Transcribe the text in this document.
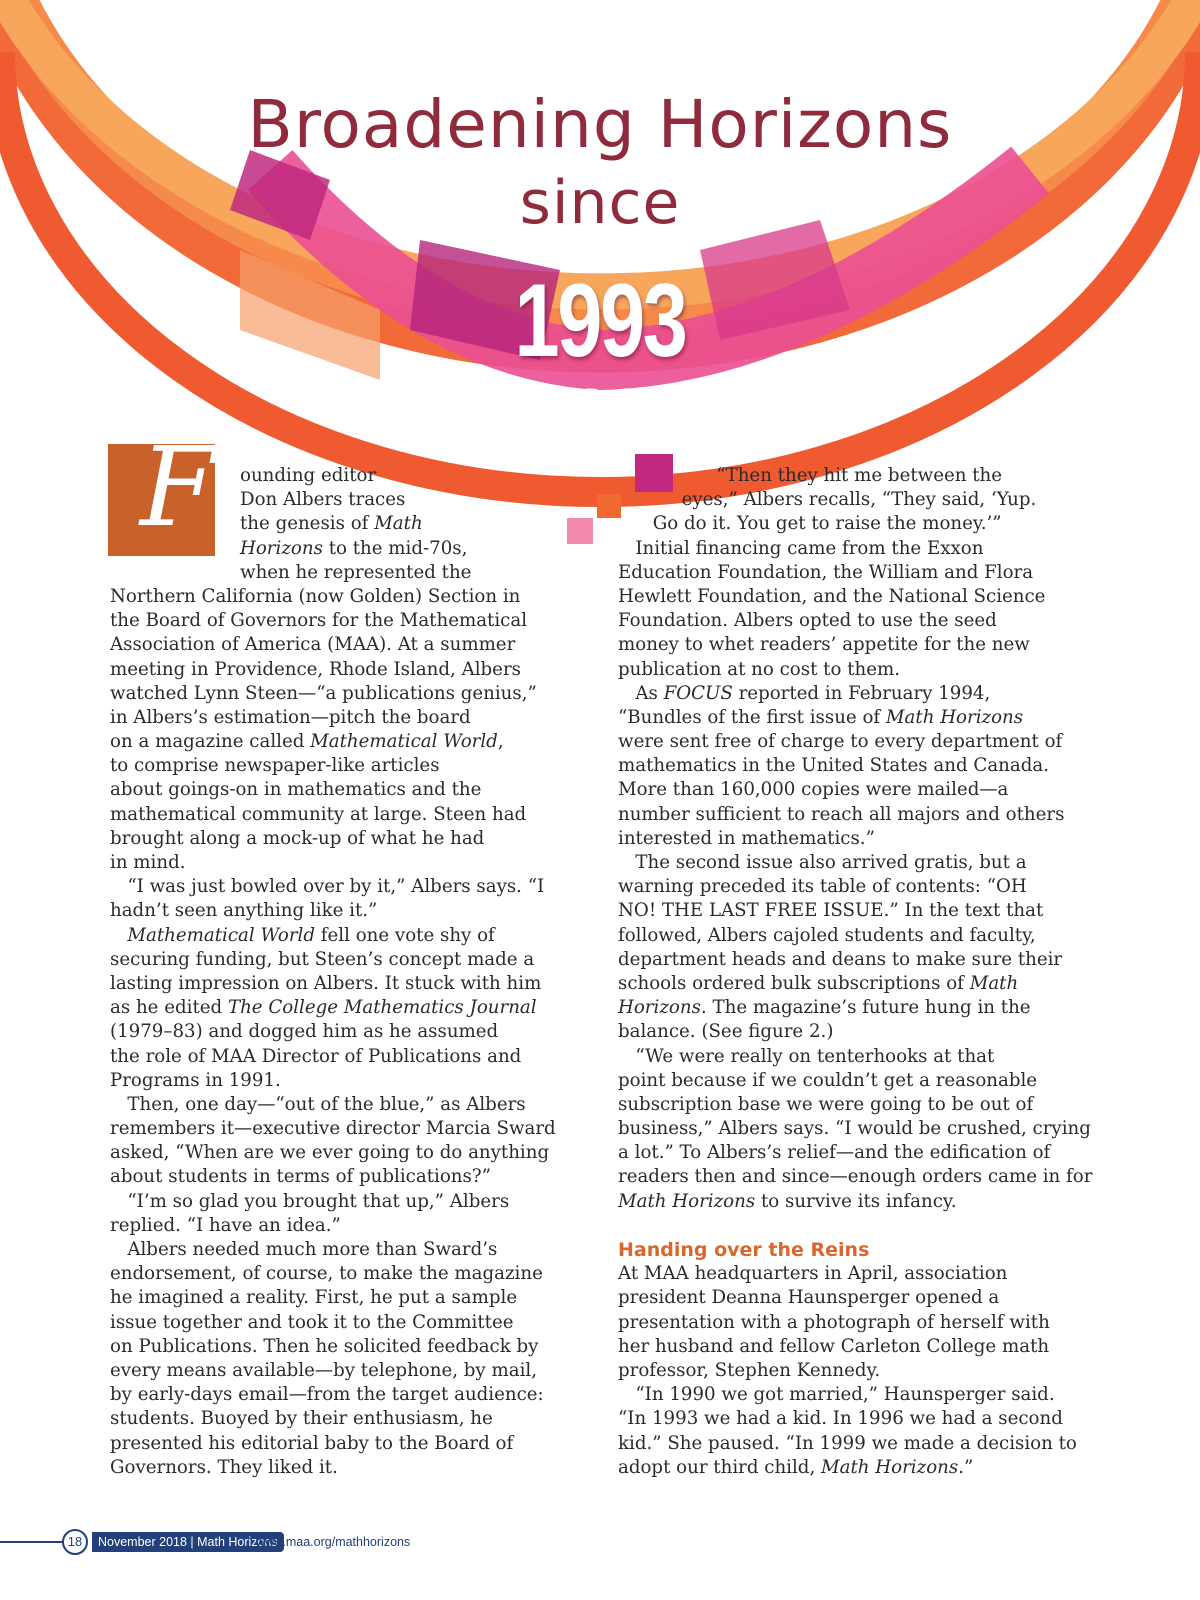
Broadening Horizons
since
1993
Sophia D. Merow
F	ounding editor
Don Albers traces
the genesis of Math
Horizons to the mid-70s,
when he represented the
Northern California (now Golden) Section in
the Board of Governors for the Mathematical
Association of America (MAA). At a summer
meeting in Providence, Rhode Island, Albers
watched Lynn Steen—“a publications genius,”
in Albers’s estimation—pitch the board
on a magazine called Mathematical World,
to comprise newspaper-like articles
about goings-on in mathematics and the
mathematical community at large. Steen had
brought along a mock-up of what he had
in mind.
“I was just bowled over by it,” Albers says. “I
hadn’t seen anything like it.”
Mathematical World fell one vote shy of
securing funding, but Steen’s concept made a
lasting impression on Albers. It stuck with him
as he edited The College Mathematics Journal
(1979–83) and dogged him as he assumed
the role of MAA Director of Publications and
Programs in 1991.
Then, one day—“out of the blue,” as Albers
remembers it—executive director Marcia Sward
asked, “When are we ever going to do anything
about students in terms of publications?”
“I’m so glad you brought that up,” Albers
replied. “I have an idea.”
Albers needed much more than Sward’s
endorsement, of course, to make the magazine
he imagined a reality. First, he put a sample
issue together and took it to the Committee
on Publications. Then he solicited feedback by
every means available—by telephone, by mail,
by early-days email—from the target audience:
students. Buoyed by their enthusiasm, he
presented his editorial baby to the Board of
Governors. They liked it.
“Then they hit me between the
eyes,” Albers recalls, “They said, ‘Yup.
Go do it. You get to raise the money.’”
Initial financing came from the Exxon
Education Foundation, the William and Flora
Hewlett Foundation, and the National Science
Foundation. Albers opted to use the seed
money to whet readers’ appetite for the new
publication at no cost to them.
As FOCUS reported in February 1994,
“Bundles of the first issue of Math Horizons
were sent free of charge to every department of
mathematics in the United States and Canada.
More than 160,000 copies were mailed—a
number sufficient to reach all majors and others
interested in mathematics.”
The second issue also arrived gratis, but a
warning preceded its table of contents: “OH
NO! THE LAST FREE ISSUE.” In the text that
followed, Albers cajoled students and faculty,
department heads and deans to make sure their
schools ordered bulk subscriptions of Math
Horizons. The magazine’s future hung in the
balance. (See figure 2.)
“We were really on tenterhooks at that
point because if we couldn’t get a reasonable
subscription base we were going to be out of
business,” Albers says. “I would be crushed, crying
a lot.” To Albers’s relief—and the edification of
readers then and since—enough orders came in for
Math Horizons to survive its infancy.
Handing over the Reins
At MAA headquarters in April, association
president Deanna Haunsperger opened a
presentation with a photograph of herself with
her husband and fellow Carleton College math
professor, Stephen Kennedy.
“In 1990 we got married,” Haunsperger said.
“In 1993 we had a kid. In 1996 we had a second
kid.” She paused. “In 1999 we made a decision to
adopt our third child, Math Horizons.”
18	November 2018 | Math Horizons
www.maa.org/mathhorizons
